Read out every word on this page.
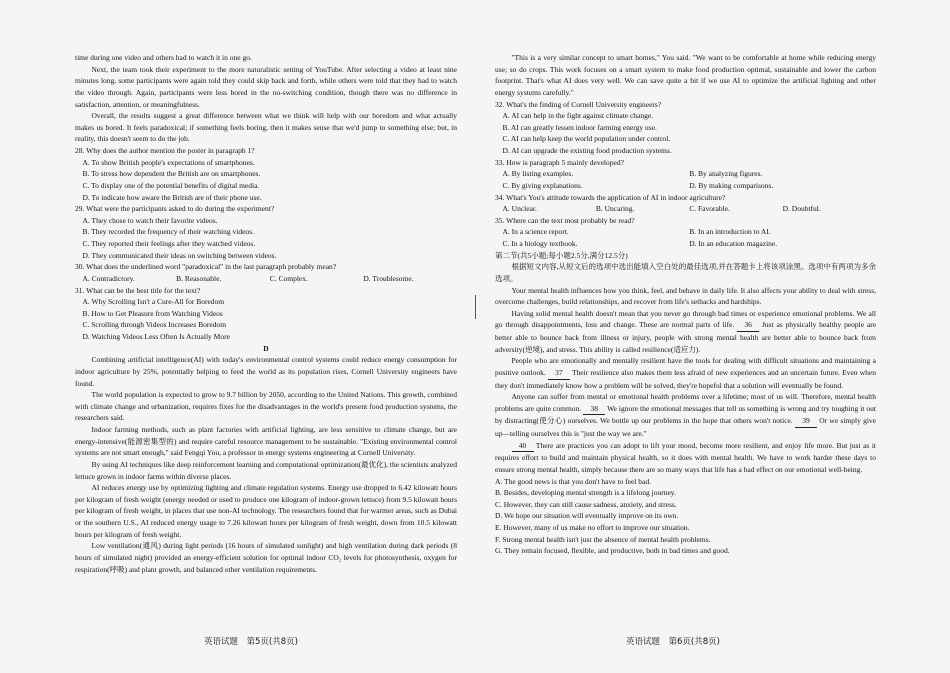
time during one video and others had to watch it in one go.

Next, the team took their experiment to the more naturalistic setting of YouTube. After selecting a video at least nine minutes long, some participants were again told they could skip back and forth, while others were told that they had to watch the video through. Again, participants were less bored in the no-switching condition, though there was no difference in satisfaction, attention, or meaningfulness.

Overall, the results suggest a great difference between what we think will help with our boredom and what actually makes us bored. It feels paradoxical; if something feels boring, then it makes sense that we'd jump to something else; but, in reality, this doesn't seem to do the job.

28. Why does the author mention the poster in paragraph 1?
A. To show British people's expectations of smartphones.
B. To stress how dependent the British are on smartphones.
C. To display one of the potential benefits of digital media.
D. To indicate how aware the British are of their phone use.
29. What were the participants asked to do during the experiment?
A. They chose to watch their favorite videos.
B. They recorded the frequency of their watching videos.
C. They reported their feelings after they watched videos.
D. They communicated their ideas on switching between videos.
30. What does the underlined word "paradoxical" in the last paragraph probably mean?
A. Contradictory.	B. Reasonable.	C. Complex.	D. Troublesome.
31. What can be the best title for the text?
A. Why Scrolling Isn't a Cure-All for Boredom
B. How to Get Pleasure from Watching Videos
C. Scrolling through Videos Increases Boredom
D. Watching Videos Less Often Is Actually More
D

Combining artificial intelligence(AI) with today's environmental control systems could reduce energy consumption for indoor agriculture by 25%, potentially helping to feed the world as its population rises, Cornell University engineers have found.

The world population is expected to grow to 9.7 billion by 2050, according to the United Nations. This growth, combined with climate change and urbanization, requires fixes for the disadvantages in the world's present food production systems, the researchers said.

Indoor farming methods, such as plant factories with artificial lighting, are less sensitive to climate change, but are energy-intensive(能源密集型的) and require careful resource management to be sustainable. "Existing environmental control systems are not smart enough," said Fengqi You, a professor in energy systems engineering at Cornell University.

By using AI techniques like deep reinforcement learning and computational optimization(最优化), the scientists analyzed lettuce grown in indoor farms within diverse places.

AI reduces energy use by optimizing lighting and climate regulation systems. Energy use dropped to 6.42 kilowatt hours per kilogram of fresh weight (energy needed or used to produce one kilogram of indoor-grown lettuce) from 9.5 kilowatt hours per kilogram of fresh weight, in places that use non-AI technology. The researchers found that for warmer areas, such as Dubai or the southern U.S., AI reduced energy usage to 7.26 kilowatt hours per kilogram of fresh weight, down from 10.5 kilowatt hours per kilogram of fresh weight.

Low ventilation(通风) during light periods (16 hours of simulated sunlight) and high ventilation during dark periods (8 hours of simulated night) provided an energy-efficient solution for optimal indoor CO₂ levels for photosynthesis, oxygen for respiration(呼吸) and plant growth, and balanced other ventilation requirements.

"This is a very similar concept to smart homes," You said. "We want to be comfortable at home while reducing energy use; so do crops. This work focuses on a smart system to make food production optimal, sustainable and lower the carbon footprint. That's what AI does very well. We can save quite a bit if we use AI to optimize the artificial lighting and other energy systems carefully."

32. What's the finding of Cornell University engineers?
A. AI can help in the fight against climate change.
B. AI can greatly lessen indoor farming energy use.
C. AI can help keep the world population under control.
D. AI can upgrade the existing food production systems.
33. How is paragraph 5 mainly developed?
A. By listing examples.	B. By analyzing figures.
C. By giving explanations.	D. By making comparisons.
34. What's You's attitude towards the application of AI in indoor agriculture?
A. Unclear.	B. Uncaring.	C. Favorable.	D. Doubtful.
35. Where can the text most probably be read?
A. In a science report.	B. In an introduction to AI.
C. In a biology textbook.	D. In an education magazine.
第二节(共5小题;每小题2.5分,满分12.5分)

根据短文内容,从短文后的选项中选出能填入空白处的最佳选项,并在答题卡上将该项涂黑。选项中有两项为多余选项。

Your mental health influences how you think, feel, and behave in daily life. It also affects your ability to deal with stress, overcome challenges, build relationships, and recover from life's setbacks and hardships.

Having solid mental health doesn't mean that you never go through bad times or experience emotional problems. We all go through disappointments, loss and change. These are normal parts of life. 36 Just as physically healthy people are better able to bounce back from illness or injury, people with strong mental health are better able to bounce back from adversity(逆境), and stress. This ability is called resilience(适应力).

People who are emotionally and mentally resilient have the tools for dealing with difficult situations and maintaining a positive outlook. 37 Their resilience also makes them less afraid of new experiences and an uncertain future. Even when they don't immediately know how a problem will be solved, they're hopeful that a solution will eventually be found.

Anyone can suffer from mental or emotional health problems over a lifetime; most of us will. Therefore, mental health problems are quite common. 38 We ignore the emotional messages that tell us something is wrong and try toughing it out by distracting(使分心) ourselves. We bottle up our problems in the hope that others won't notice. 39 Or we simply give up—telling ourselves this is "just the way we are."

40 There are practices you can adopt to lift your mood, become more resilient, and enjoy life more. But just as it requires effort to build and maintain physical health, so it does with mental health. We have to work harder these days to ensure strong mental health, simply because there are so many ways that life has a bad effect on our emotional well-being.

A. The good news is that you don't have to feel bad.
B. Besides, developing mental strength is a lifelong journey.
C. However, they can still cause sadness, anxiety, and stress.
D. We hope our situation will eventually improve on its own.
E. However, many of us make no effort to improve our situation.
F. Strong mental health isn't just the absence of mental health problems.
G. They remain focused, flexible, and productive, both in bad times and good.
英语试题　第5页(共8页)	英语试题　第6页(共8页)
